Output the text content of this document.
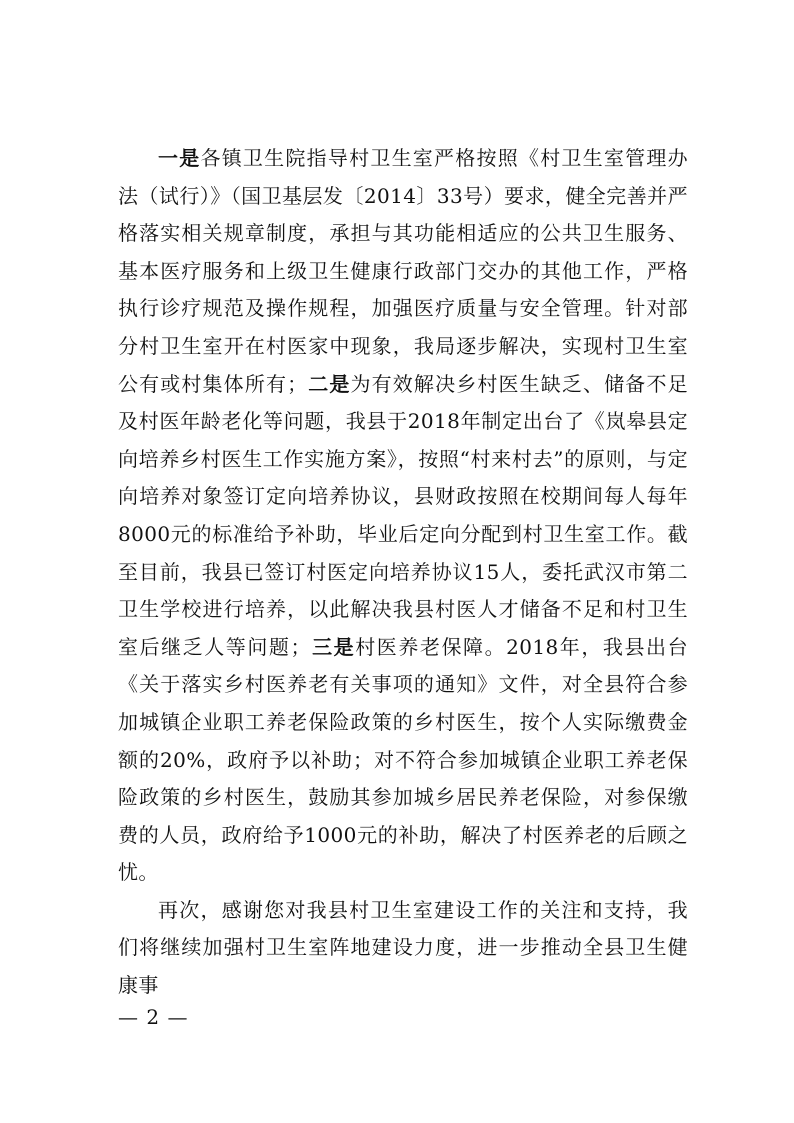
一是各镇卫生院指导村卫生室严格按照《村卫生室管理办法（试行）》（国卫基层发〔2014〕33号）要求，健全完善并严格落实相关规章制度，承担与其功能相适应的公共卫生服务、基本医疗服务和上级卫生健康行政部门交办的其他工作，严格执行诊疗规范及操作规程，加强医疗质量与安全管理。针对部分村卫生室开在村医家中现象，我局逐步解决，实现村卫生室公有或村集体所有；二是为有效解决乡村医生缺乏、储备不足及村医年龄老化等问题，我县于2018年制定出台了《岚皋县定向培养乡村医生工作实施方案》，按照“村来村去”的原则，与定向培养对象签订定向培养协议，县财政按照在校期间每人每年8000元的标准给予补助，毕业后定向分配到村卫生室工作。截至目前，我县已签订村医定向培养协议15人，委托武汉市第二卫生学校进行培养，以此解决我县村医人才储备不足和村卫生室后继乏人等问题；三是村医养老保障。2018年，我县出台《关于落实乡村医养老有关事项的通知》文件，对全县符合参加城镇企业职工养老保险政策的乡村医生，按个人实际缴费金额的20%，政府予以补助；对不符合参加城镇企业职工养老保险政策的乡村医生，鼓励其参加城乡居民养老保险，对参保缴费的人员，政府给予1000元的补助，解决了村医养老的后顾之忧。

再次，感谢您对我县村卫生室建设工作的关注和支持，我们将继续加强村卫生室阵地建设力度，进一步推动全县卫生健康事

— 2 —
